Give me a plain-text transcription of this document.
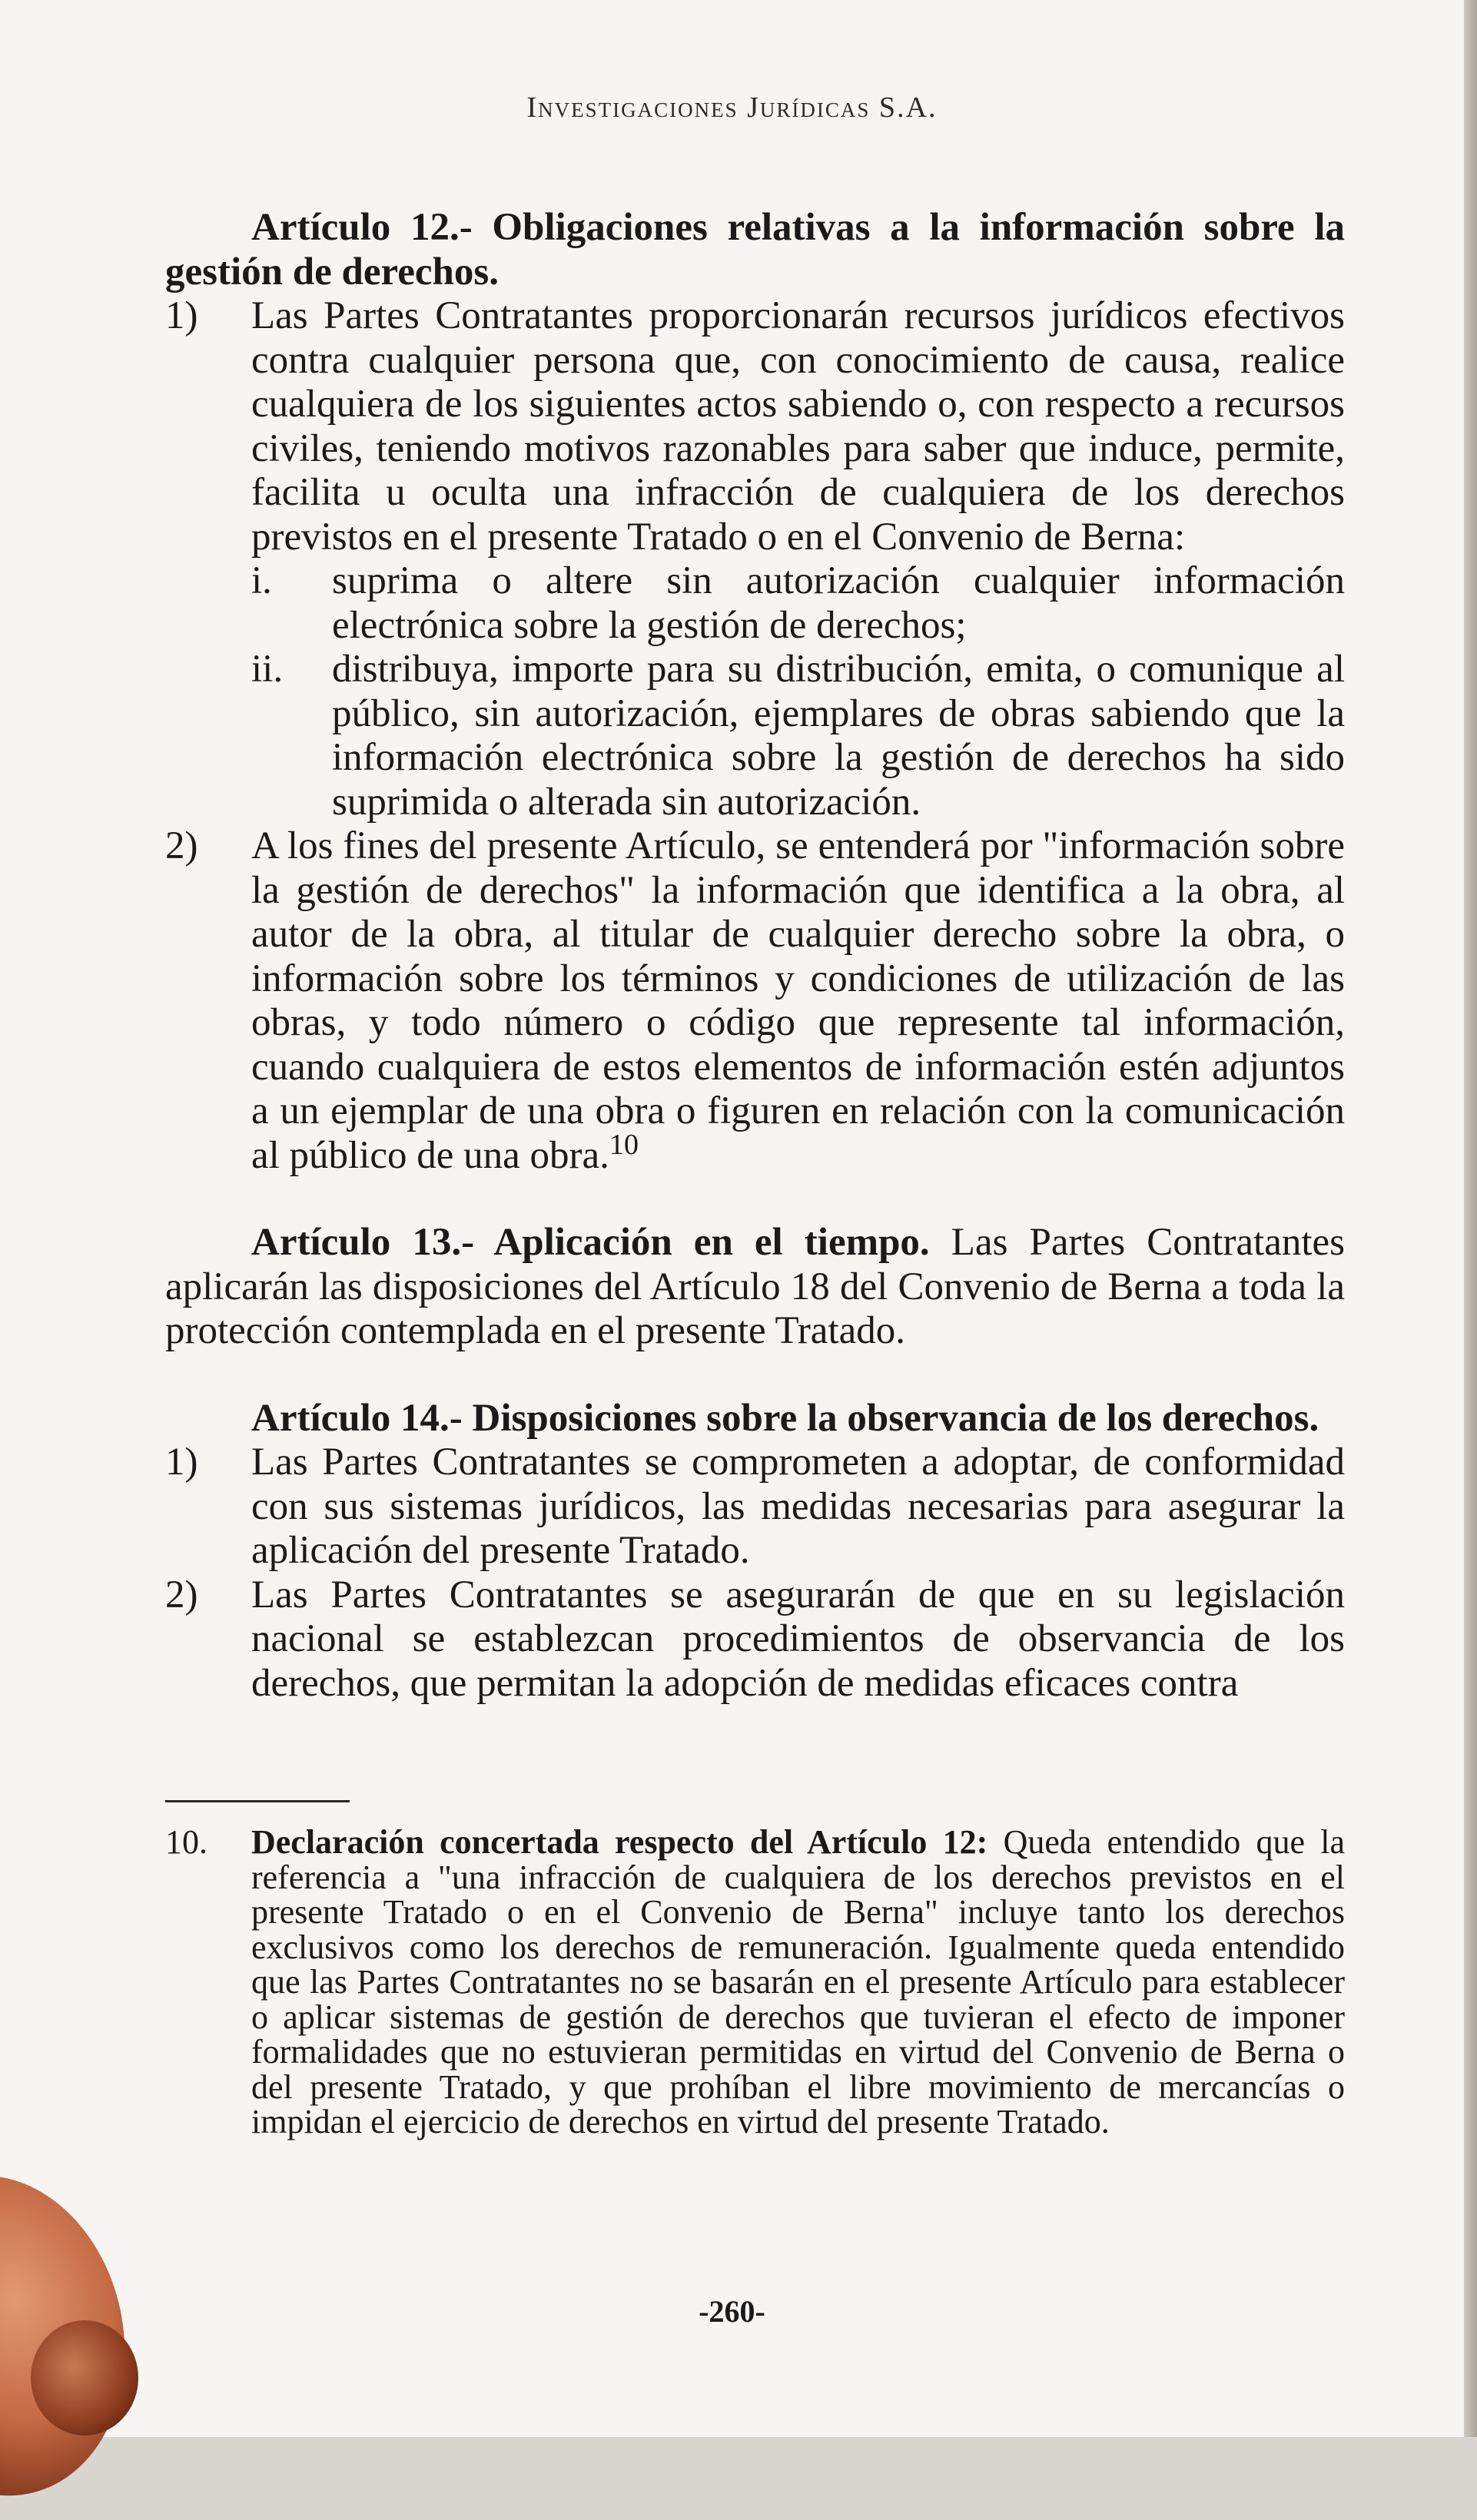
Investigaciones Jurídicas S.A.

Artículo 12.- Obligaciones relativas a la información sobre la gestión de derechos.

1) Las Partes Contratantes proporcionarán recursos jurídicos efectivos contra cualquier persona que, con conocimiento de causa, realice cualquiera de los siguientes actos sabiendo o, con respecto a recursos civiles, teniendo motivos razonables para saber que induce, permite, facilita u oculta una infracción de cualquiera de los derechos previstos en el presente Tratado o en el Convenio de Berna:
i. suprima o altere sin autorización cualquier información electrónica sobre la gestión de derechos;
ii. distribuya, importe para su distribución, emita, o comunique al público, sin autorización, ejemplares de obras sabiendo que la información electrónica sobre la gestión de derechos ha sido suprimida o alterada sin autorización.
2) A los fines del presente Artículo, se entenderá por "información sobre la gestión de derechos" la información que identifica a la obra, al autor de la obra, al titular de cualquier derecho sobre la obra, o información sobre los términos y condiciones de utilización de las obras, y todo número o código que represente tal información, cuando cualquiera de estos elementos de información estén adjuntos a un ejemplar de una obra o figuren en relación con la comunicación al público de una obra.$^{10}$

Artículo 13.- Aplicación en el tiempo. Las Partes Contratantes aplicarán las disposiciones del Artículo 18 del Convenio de Berna a toda la protección contemplada en el presente Tratado.

Artículo 14.- Disposiciones sobre la observancia de los derechos.

1) Las Partes Contratantes se comprometen a adoptar, de conformidad con sus sistemas jurídicos, las medidas necesarias para asegurar la aplicación del presente Tratado.
2) Las Partes Contratantes se asegurarán de que en su legislación nacional se establezcan procedimientos de observancia de los derechos, que permitan la adopción de medidas eficaces contra
10.	Declaración concertada respecto del Artículo 12: Queda entendido que la referencia a "una infracción de cualquiera de los derechos previstos en el presente Tratado o en el Convenio de Berna" incluye tanto los derechos exclusivos como los derechos de remuneración. Igualmente queda entendido que las Partes Contratantes no se basarán en el presente Artículo para establecer o aplicar sistemas de gestión de derechos que tuvieran el efecto de imponer formalidades que no estuvieran permitidas en virtud del Convenio de Berna o del presente Tratado, y que prohíban el libre movimiento de mercancías o impidan el ejercicio de derechos en virtud del presente Tratado.
-260-
